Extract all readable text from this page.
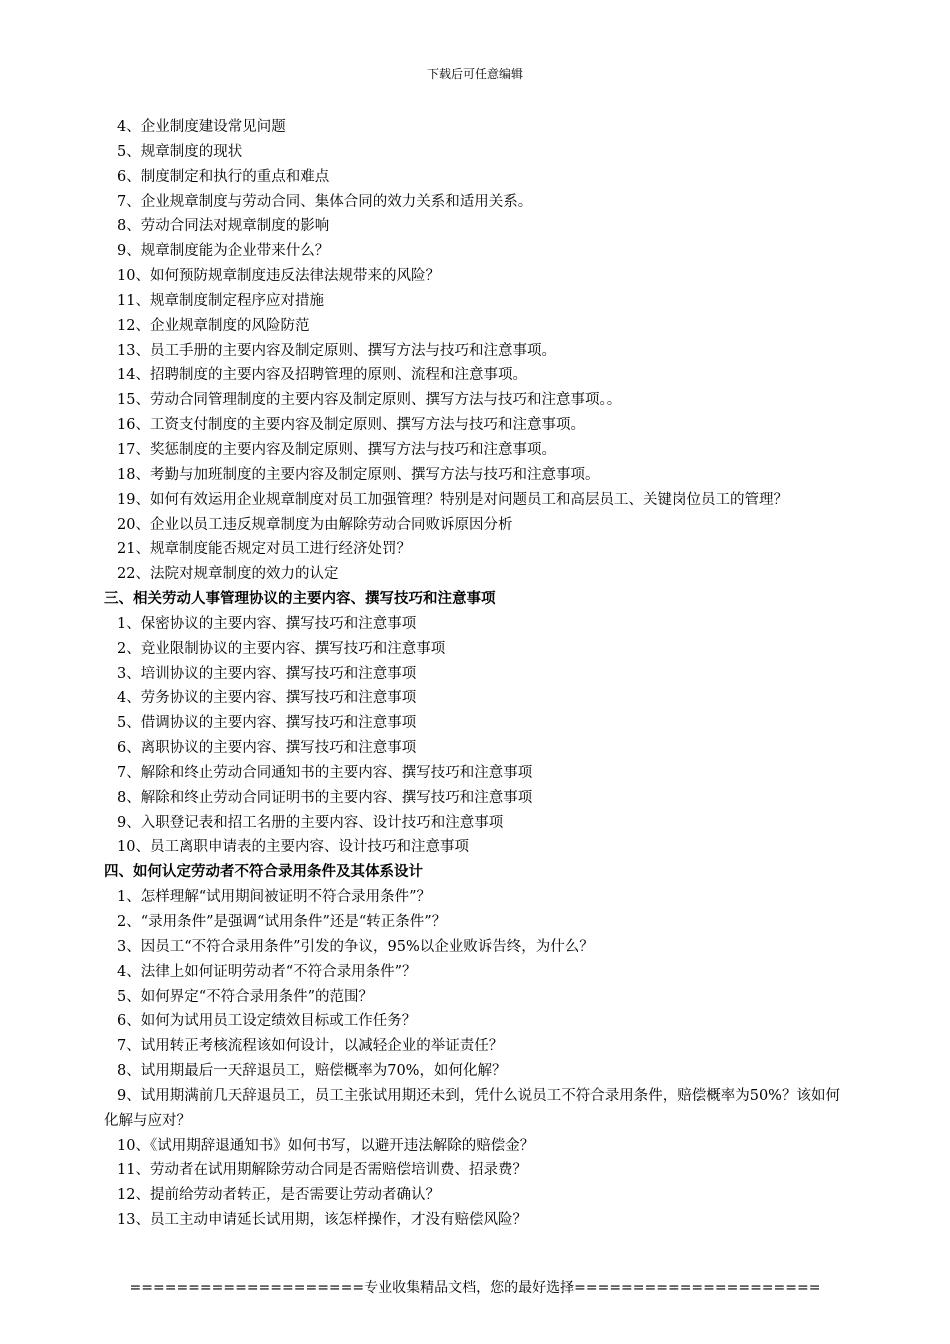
下载后可任意编辑

4、企业制度建设常见问题

5、规章制度的现状

6、制度制定和执行的重点和难点

7、企业规章制度与劳动合同、集体合同的效力关系和适用关系。

8、劳动合同法对规章制度的影响

9、规章制度能为企业带来什么？

10、如何预防规章制度违反法律法规带来的风险？

11、规章制度制定程序应对措施

12、企业规章制度的风险防范

13、员工手册的主要内容及制定原则、撰写方法与技巧和注意事项。

14、招聘制度的主要内容及招聘管理的原则、流程和注意事项。

15、劳动合同管理制度的主要内容及制定原则、撰写方法与技巧和注意事项。。

16、工资支付制度的主要内容及制定原则、撰写方法与技巧和注意事项。

17、奖惩制度的主要内容及制定原则、撰写方法与技巧和注意事项。

18、考勤与加班制度的主要内容及制定原则、撰写方法与技巧和注意事项。

19、如何有效运用企业规章制度对员工加强管理？特别是对问题员工和高层员工、关键岗位员工的管理？

20、企业以员工违反规章制度为由解除劳动合同败诉原因分析

21、规章制度能否规定对员工进行经济处罚？

22、法院对规章制度的效力的认定

三、相关劳动人事管理协议的主要内容、撰写技巧和注意事项

1、保密协议的主要内容、撰写技巧和注意事项

2、竞业限制协议的主要内容、撰写技巧和注意事项

3、培训协议的主要内容、撰写技巧和注意事项

4、劳务协议的主要内容、撰写技巧和注意事项

5、借调协议的主要内容、撰写技巧和注意事项

6、离职协议的主要内容、撰写技巧和注意事项

7、解除和终止劳动合同通知书的主要内容、撰写技巧和注意事项

8、解除和终止劳动合同证明书的主要内容、撰写技巧和注意事项

9、入职登记表和招工名册的主要内容、设计技巧和注意事项

10、员工离职申请表的主要内容、设计技巧和注意事项

四、如何认定劳动者不符合录用条件及其体系设计

1、怎样理解“试用期间被证明不符合录用条件”？

2、“录用条件”是强调“试用条件”还是“转正条件”？

3、因员工“不符合录用条件”引发的争议，95%以企业败诉告终，为什么？

4、法律上如何证明劳动者“不符合录用条件”？

5、如何界定“不符合录用条件”的范围？

6、如何为试用员工设定绩效目标或工作任务？

7、试用转正考核流程该如何设计，以减轻企业的举证责任？

8、试用期最后一天辞退员工，赔偿概率为70%，如何化解？

9、试用期满前几天辞退员工，员工主张试用期还未到，凭什么说员工不符合录用条件，赔偿概率为50%？该如何化解与应对？

10、《试用期辞退通知书》如何书写，以避开违法解除的赔偿金？

11、劳动者在试用期解除劳动合同是否需赔偿培训费、招录费？

12、提前给劳动者转正，是否需要让劳动者确认？

13、员工主动申请延长试用期，该怎样操作，才没有赔偿风险？

====================专业收集精品文档，您的最好选择=====================
